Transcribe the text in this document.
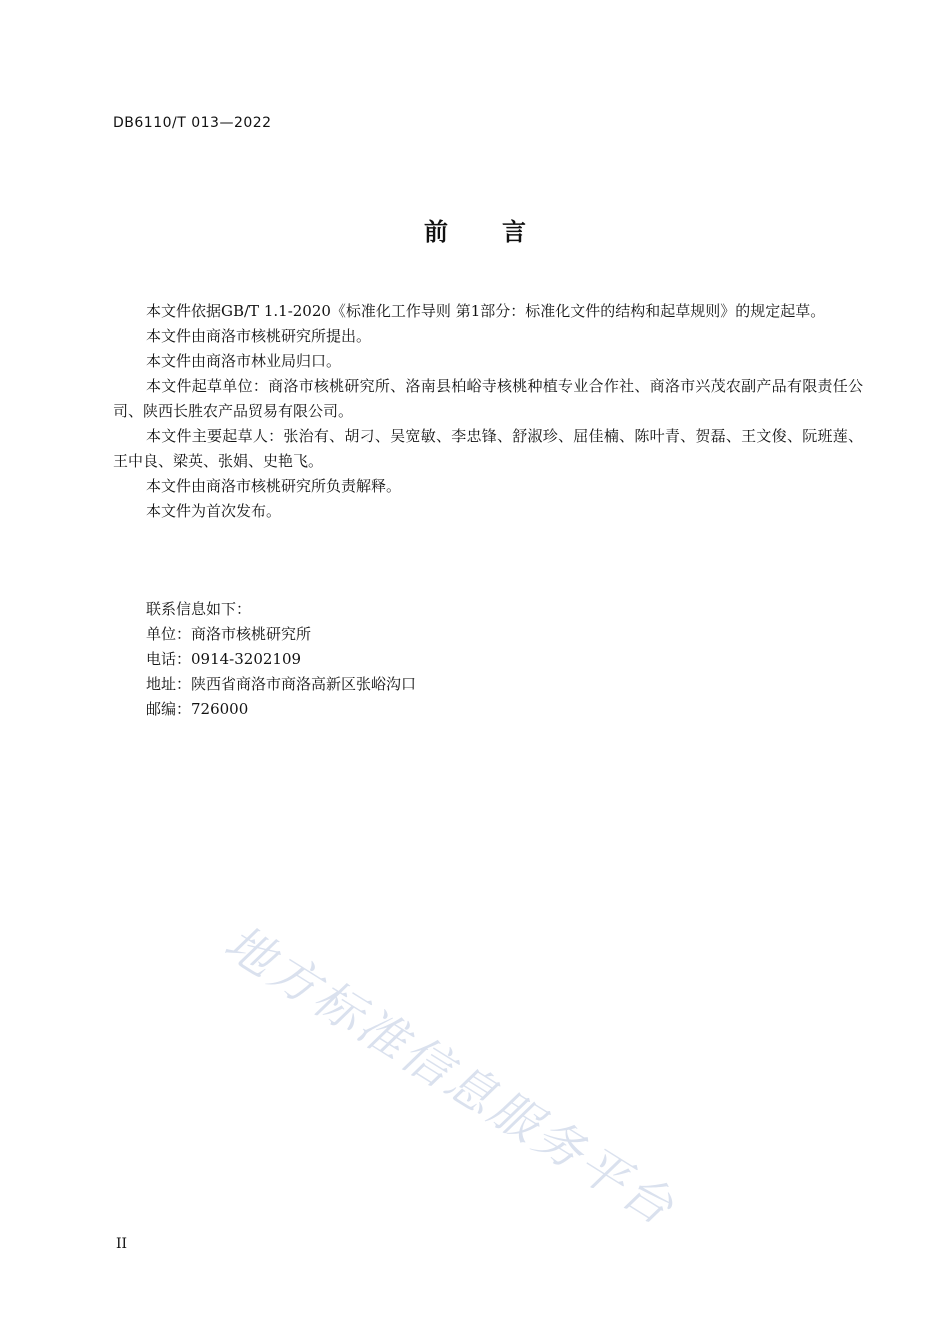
DB6110/T 013—2022
前言

本文件依据GB/T 1.1-2020《标准化工作导则 第1部分：标准化文件的结构和起草规则》的规定起草。

本文件由商洛市核桃研究所提出。

本文件由商洛市林业局归口。

本文件起草单位：商洛市核桃研究所、洛南县柏峪寺核桃种植专业合作社、商洛市兴茂农副产品有限责任公司、陕西长胜农产品贸易有限公司。

本文件主要起草人：张治有、胡刁、吴宽敏、李忠锋、舒淑珍、屈佳楠、陈叶青、贺磊、王文俊、阮班莲、王中良、梁英、张娟、史艳飞。

本文件由商洛市核桃研究所负责解释。

本文件为首次发布。

联系信息如下：

单位：商洛市核桃研究所

电话：0914-3202109

地址：陕西省商洛市商洛高新区张峪沟口

邮编：726000

地方标准信息服务平台
II
